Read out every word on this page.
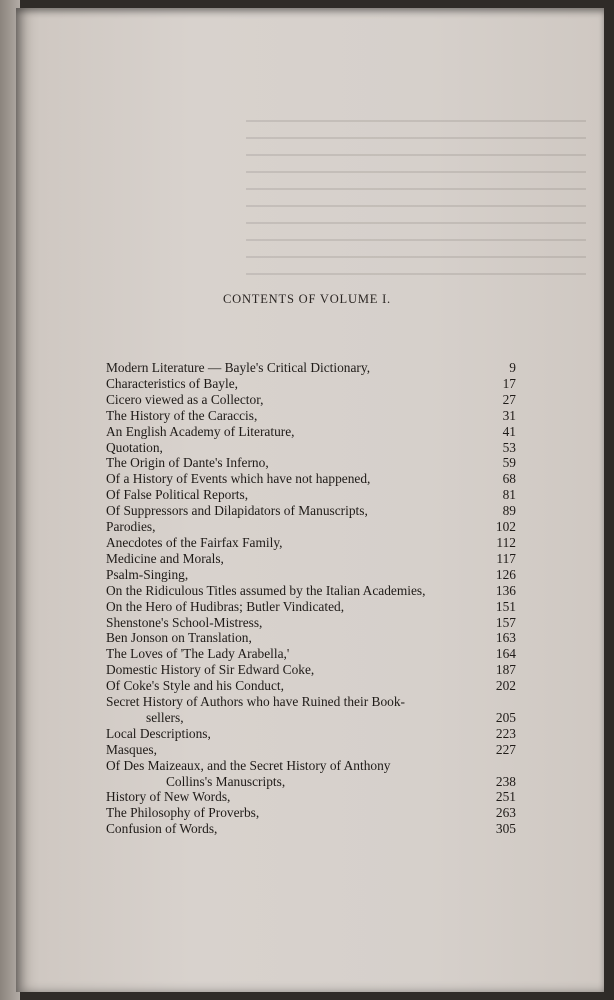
CONTENTS OF VOLUME I.
Modern Literature — Bayle's Critical Dictionary,	9
Characteristics of Bayle,	17
Cicero viewed as a Collector,	27
The History of the Caraccis,	31
An English Academy of Literature,	41
Quotation,	53
The Origin of Dante's Inferno,	59
Of a History of Events which have not happened,	68
Of False Political Reports,	81
Of Suppressors and Dilapidators of Manuscripts,	89
Parodies,	102
Anecdotes of the Fairfax Family,	112
Medicine and Morals,	117
Psalm-Singing,	126
On the Ridiculous Titles assumed by the Italian Academies,	136
On the Hero of Hudibras; Butler Vindicated,	151
Shenstone's School-Mistress,	157
Ben Jonson on Translation,	163
The Loves of 'The Lady Arabella,'	164
Domestic History of Sir Edward Coke,	187
Of Coke's Style and his Conduct,	202
Secret History of Authors who have Ruined their Book-
sellers,	205
Local Descriptions,	223
Masques,	227
Of Des Maizeaux, and the Secret History of Anthony
Collins's Manuscripts,	238
History of New Words,	251
The Philosophy of Proverbs,	263
Confusion of Words,	305
